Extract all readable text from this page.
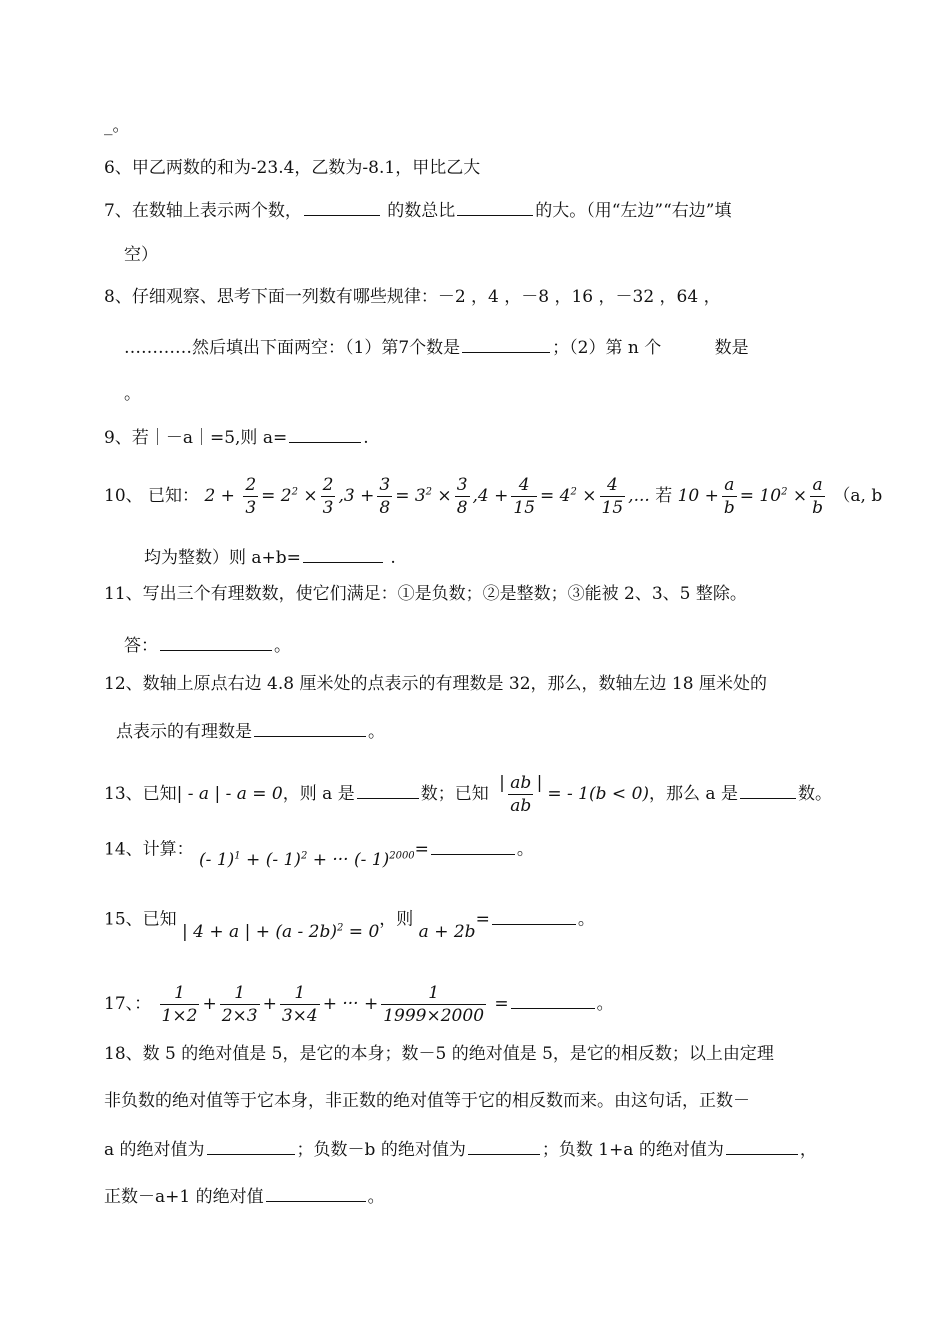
_。
6、甲乙两数的和为-23.4，乙数为-8.1，甲比乙大
7、在数轴上表示两个数，	的数总比	的大。（用“左边”“右边”填
空）
8、仔细观察、思考下面一列数有哪些规律：－2 ，4 ，－8 ，16 ，－32 ，64 ，
…………然后填出下面两空：（1）第7个数是	；（2）第 n 个	数是
。
9、若｜－a｜=5,则 a=	.
10、 已知： $2 + \frac{2}{3} = 2^2 \times \frac{2}{3} ,3 + \frac{3}{8} = 3^2 \times \frac{3}{8} ,4 + \frac{4}{15} = 4^2 \times \frac{4}{15}$ ,... 若 $10 + \frac{a}{b} = 10^2 \times \frac{a}{b} (a$, b
均为整数）则 a+b=	.
11、写出三个有理数数，使它们满足：①是负数；②是整数；③能被 2、3、5 整除。
答：	。
12、数轴上原点右边 4.8 厘米处的点表示的有理数是 32，那么，数轴左边 18 厘米处的
点表示的有理数是	。
13、已知| - a | - a = 0，则 a 是	数；已知 $\frac{| ab |}{ab}$ = - 1(b < 0)，那么 a 是	数。
14、计算： (- 1)$^1$ + (- 1)$^2$ + ··· (- 1)$^{2000}$=	。
15、已知 | 4 + a | + (a - 2b)$^2$ = 0，则 a + 2b=	。
17、： $\frac{1}{1\times 2} + \frac{1}{2\times 3} + \frac{1}{3\times 4}$ + ··· + $\frac{1}{1999\times 2000}$ =	。
18、数 5 的绝对值是 5，是它的本身；数－5 的绝对值是 5，是它的相反数；以上由定理
非负数的绝对值等于它本身，非正数的绝对值等于它的相反数而来。由这句话，正数－
a 的绝对值为	；负数－b 的绝对值为	；负数 1+a 的绝对值为	，
正数－a+1 的绝对值	。
